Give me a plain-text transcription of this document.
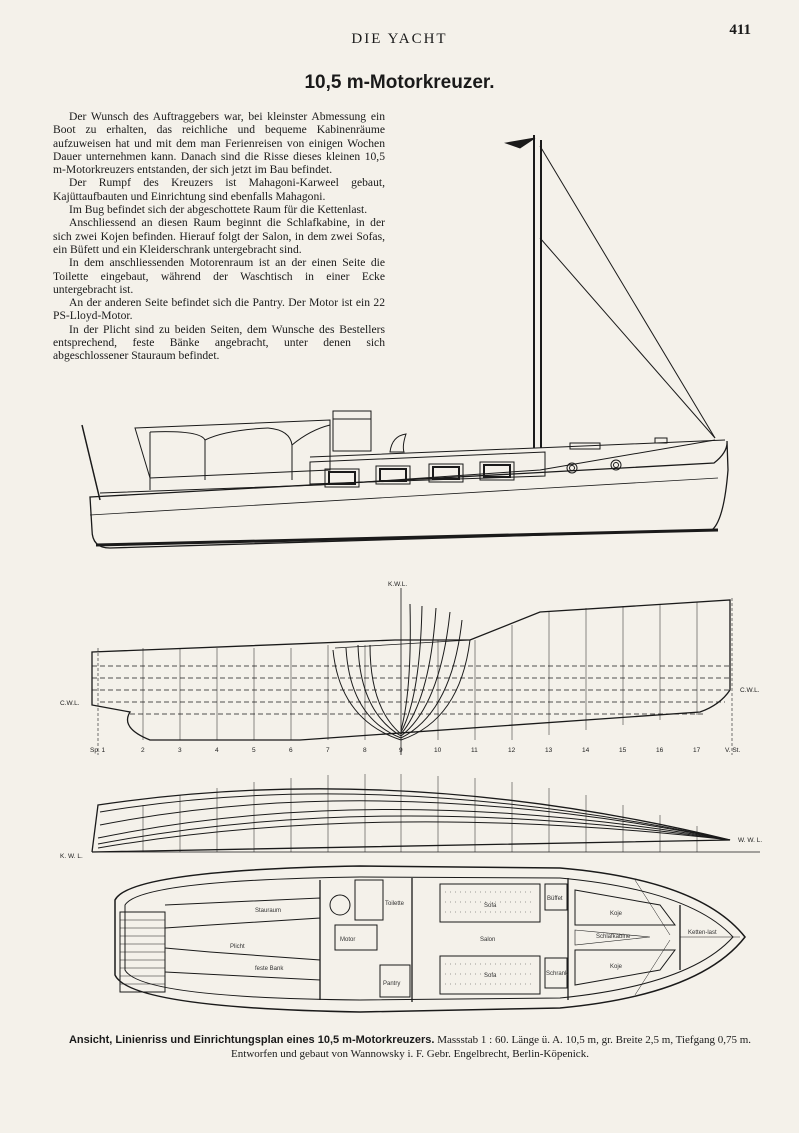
DIE YACHT
411
10,5 m-Motorkreuzer.

Der Wunsch des Auftraggebers war, bei kleinster Abmessung ein Boot zu erhalten, das reichliche und bequeme Kabinenräume aufzuweisen hat und mit dem man Ferienreisen von einigen Wochen Dauer unternehmen kann. Danach sind die Risse dieses kleinen 10,5 m-Motorkreuzers entstanden, der sich jetzt im Bau befindet.

Der Rumpf des Kreuzers ist Mahagoni-Karweel gebaut, Kajüttaufbauten und Einrichtung sind ebenfalls Mahagoni.

Im Bug befindet sich der abgeschottete Raum für die Kettenlast.

Anschliessend an diesen Raum beginnt die Schlafkabine, in der sich zwei Kojen befinden. Hierauf folgt der Salon, in dem zwei Sofas, ein Büfett und ein Kleiderschrank untergebracht sind.

In dem anschliessenden Motorenraum ist an der einen Seite die Toilette eingebaut, während der Waschtisch in einer Ecke untergebracht ist.

An der anderen Seite befindet sich die Pantry. Der Motor ist ein 22 PS-Lloyd-Motor.

In der Plicht sind zu beiden Seiten, dem Wunsche des Bestellers entsprechend, feste Bänke angebracht, unter denen sich abgeschlossener Stauraum befindet.

C.W.L.
C.W.L.
K. W. L.
W. W. L.
K.W.L.
Sp. 1	2	3	4	5	6	7	8	9	10	11	12	13	14	15	16	17	V. St.
Plicht
Motor	Salon
Sofa
Sofa
Büffet
Schrank
Toilette
Pantry
Schlafkabine
Koje
Koje
Ketten-last
Stauraum
feste Bank
Ansicht, Linienriss und Einrichtungsplan eines 10,5 m-Motorkreuzers. Massstab 1 : 60. Länge ü. A. 10,5 m, gr. Breite 2,5 m, Tiefgang 0,75 m.
Entworfen und gebaut von Wannowsky i. F. Gebr. Engelbrecht, Berlin-Köpenick.
